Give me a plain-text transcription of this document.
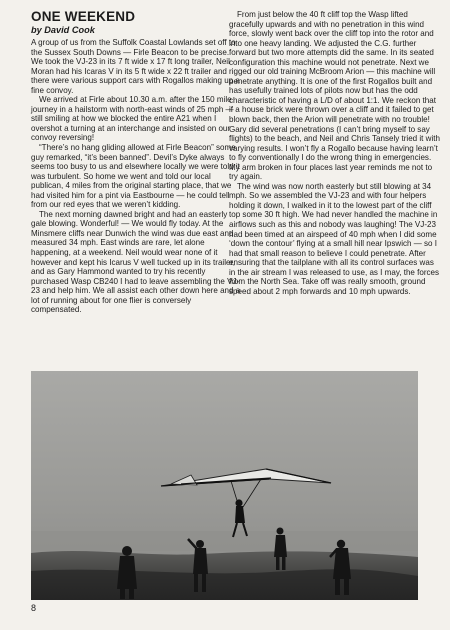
ONE WEEKEND
by David Cook

A group of us from the Suffolk Coastal Lowlands set off to the Sussex South Downs — Firle Beacon to be precise. We took the VJ-23 in its 7 ft wide x 17 ft long trailer, Neil Moran had his Icaras V in its 5 ft wide x 22 ft trailer and there were various support cars with Rogallos making up a fine convoy.

We arrived at Firle about 10.30 a.m. after the 150 mile journey in a hailstorm with north-east winds of 25 mph — still smiling at how we blocked the entire A21 when I overshot a turning at an interchange and insisted on our convoy reversing!

“There’s no hang gliding allowed at Firle Beacon” some guy remarked, “it’s been banned”. Devil’s Dyke always seems too busy to us and elsewhere locally we were told it was turbulent. So home we went and told our local publican, 4 miles from the original starting place, that we had visited him for a pint via Eastbourne — he could tell from our red eyes that we weren’t kidding.

The next morning dawned bright and had an easterly gale blowing. Wonderful! — We would fly today. At the Minsmere cliffs near Dunwich the wind was due east and measured 34 mph. East winds are rare, let alone happening, at a weekend. Neil would wear none of it however and kept his Icarus V well tucked up in its trailer, and as Gary Hammond wanted to try his recently purchased Wasp CB240 I had to leave assembling the VJ-23 and help him. We all assist each other down here and a lot of running about for one flier is conversely compensated.

From just below the 40 ft cliff top the Wasp lifted gracefully upwards and with no penetration in this wind force, slowly went back over the cliff top into the rotor and into one heavy landing. We adjusted the C.G. further forward but two more attempts did the same. In its seated configuration this machine would not penetrate. Next we rigged our old training McBroom Arion — this machine will penetrate anything. It is one of the first Rogallos built and has usefully trained lots of pilots now but has the odd characteristic of having a L/D of about 1:1. We reckon that if a house brick were thrown over a cliff and it failed to get blown back, then the Arion will penetrate with no trouble! Gary did several penetrations (I can’t bring myself to say flights) to the beach, and Neil and Chris Tansely tried it with varying results. I won’t fly a Rogallo because having learn’t to fly conventionally I do the wrong thing in emergencies. My arm broken in four places last year reminds me not to try again.

The wind was now north easterly but still blowing at 34 mph. So we assembled the VJ-23 and with four helpers holding it down, I walked in it to the lowest part of the cliff top some 30 ft high. We had never handled the machine in airflows such as this and nobody was laughing! The VJ-23 had been timed at an airspeed of 40 mph when I did some ‘down the contour’ flying at a small hill near Ipswich — so I had that small reason to believe I could penetrate. After ensuring that the tailplane with all its control surfaces was in the air stream I was released to use, as I may, the forces from the North Sea. Take off was really smooth, ground speed about 2 mph forwards and 10 mph upwards.

8
